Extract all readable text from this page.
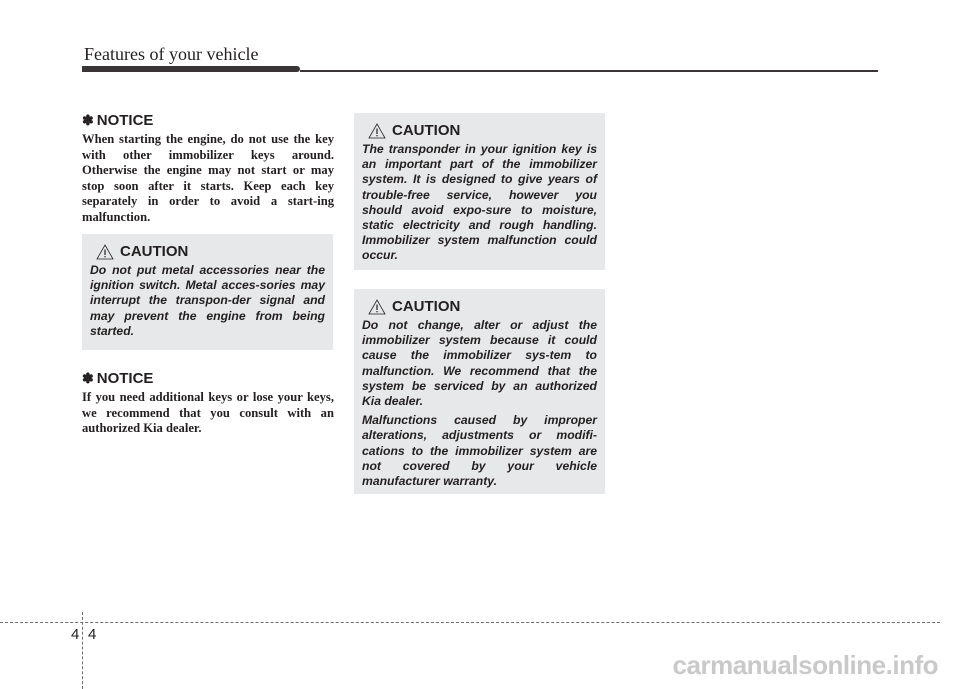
Features of your vehicle
✽ NOTICE

When starting the engine, do not use the key with other immobilizer keys around. Otherwise the engine may not start or may stop soon after it starts. Keep each key separately in order to avoid a start-ing malfunction.

CAUTION

Do not put metal accessories near the ignition switch. Metal acces-sories may interrupt the transpon-der signal and may prevent the engine from being started.

✽ NOTICE

If you need additional keys or lose your keys, we recommend that you consult with an authorized Kia dealer.

CAUTION

The transponder in your ignition key is an important part of the immobilizer system. It is designed to give years of trouble-free service, however you should avoid expo-sure to moisture, static electricity and rough handling. Immobilizer system malfunction could occur.

CAUTION

Do not change, alter or adjust the immobilizer system because it could cause the immobilizer sys-tem to malfunction. We recommend that the system be serviced by an authorized Kia dealer.

Malfunctions caused by improper alterations, adjustments or modifi-cations to the immobilizer system are not covered by your vehicle manufacturer warranty.

4 4
carmanualsonline.info
